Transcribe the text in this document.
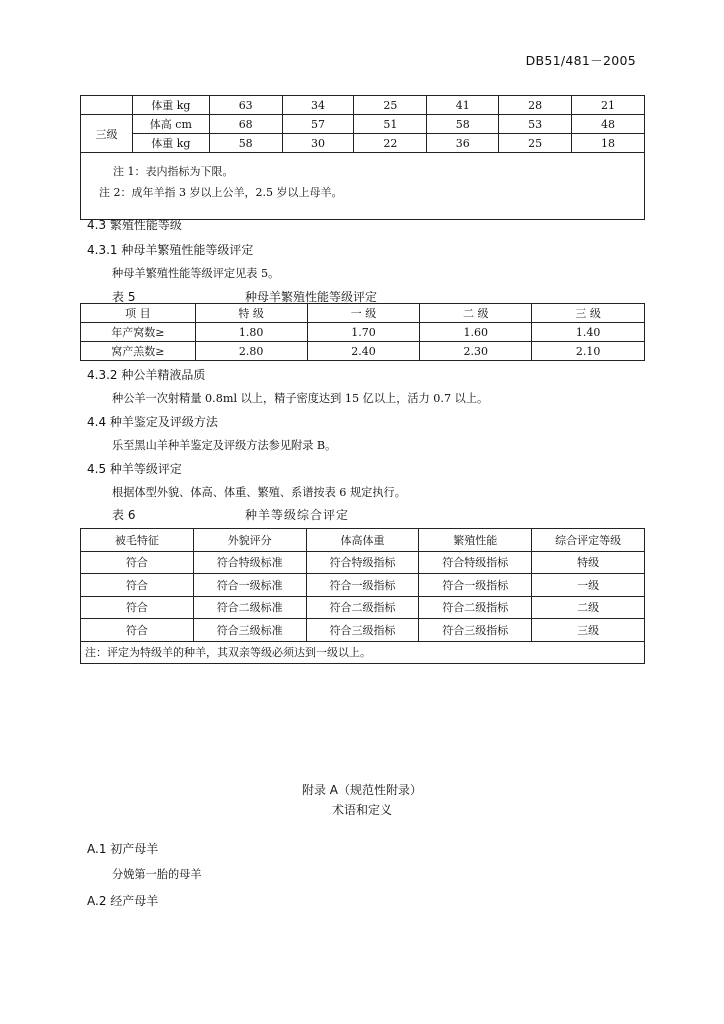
DB51/481－2005
	体重 kg	63	34	25	41	28	21
三级	体高 cm	68	57	51	58	53	48
	体重 kg	58	30	22	36	25	18

注 1：表内指标为下限。
注 2：成年羊指 3 岁以上公羊，2.5 岁以上母羊。							
4.3 繁殖性能等级
4.3.1 种母羊繁殖性能等级评定
种母羊繁殖性能等级评定见表 5。
表 5	种母羊繁殖性能等级评定
项 目	特 级	一 级	二 级	三 级
年产窝数≥	1.80	1.70	1.60	1.40
窝产羔数≥	2.80	2.40	2.30	2.10
4.3.2 种公羊精液品质
种公羊一次射精量 0.8ml 以上，精子密度达到 15 亿以上，活力 0.7 以上。
4.4 种羊鉴定及评级方法
乐至黑山羊种羊鉴定及评级方法参见附录 B。
4.5 种羊等级评定
根据体型外貌、体高、体重、繁殖、系谱按表 6 规定执行。
表 6	种羊等级综合评定
被毛特征	外貌评分	体高体重	繁殖性能	综合评定等级
符合	符合特级标准	符合特级指标	符合特级指标	特级
符合	符合一级标准	符合一级指标	符合一级指标	一级
符合	符合二级标准	符合二级指标	符合二级指标	二级
符合	符合三级标准	符合三级指标	符合三级指标	三级
注：评定为特级羊的种羊，其双亲等级必须达到一级以上。				
附录 A（规范性附录）
术语和定义
A.1 初产母羊
分娩第一胎的母羊
A.2 经产母羊
